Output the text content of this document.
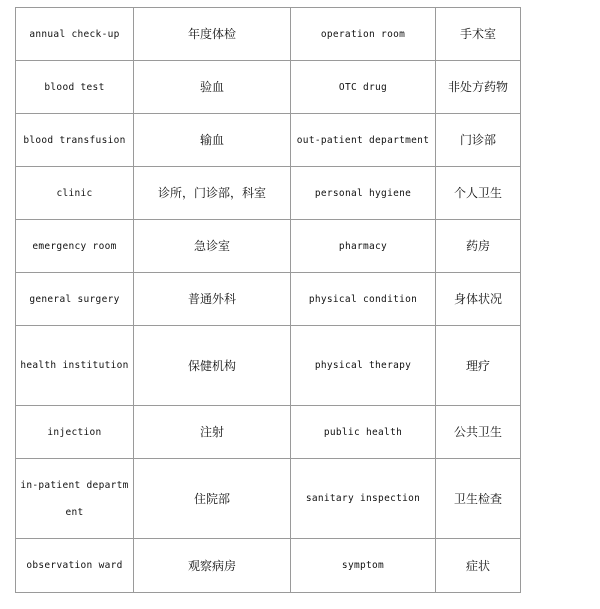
annual check-up	年度体检	operation room	手术室
blood test	验血	OTC drug	非处方药物
blood transfusion	输血	out-patient department	门诊部
clinic	诊所，门诊部，科室	personal hygiene	个人卫生
emergency room	急诊室	pharmacy	药房
general surgery	普通外科	physical condition	身体状况
health institution	保健机构	physical therapy	理疗
injection	注射	public health	公共卫生
in-patient department	住院部	sanitary inspection	卫生检查
observation ward	观察病房	symptom	症状
